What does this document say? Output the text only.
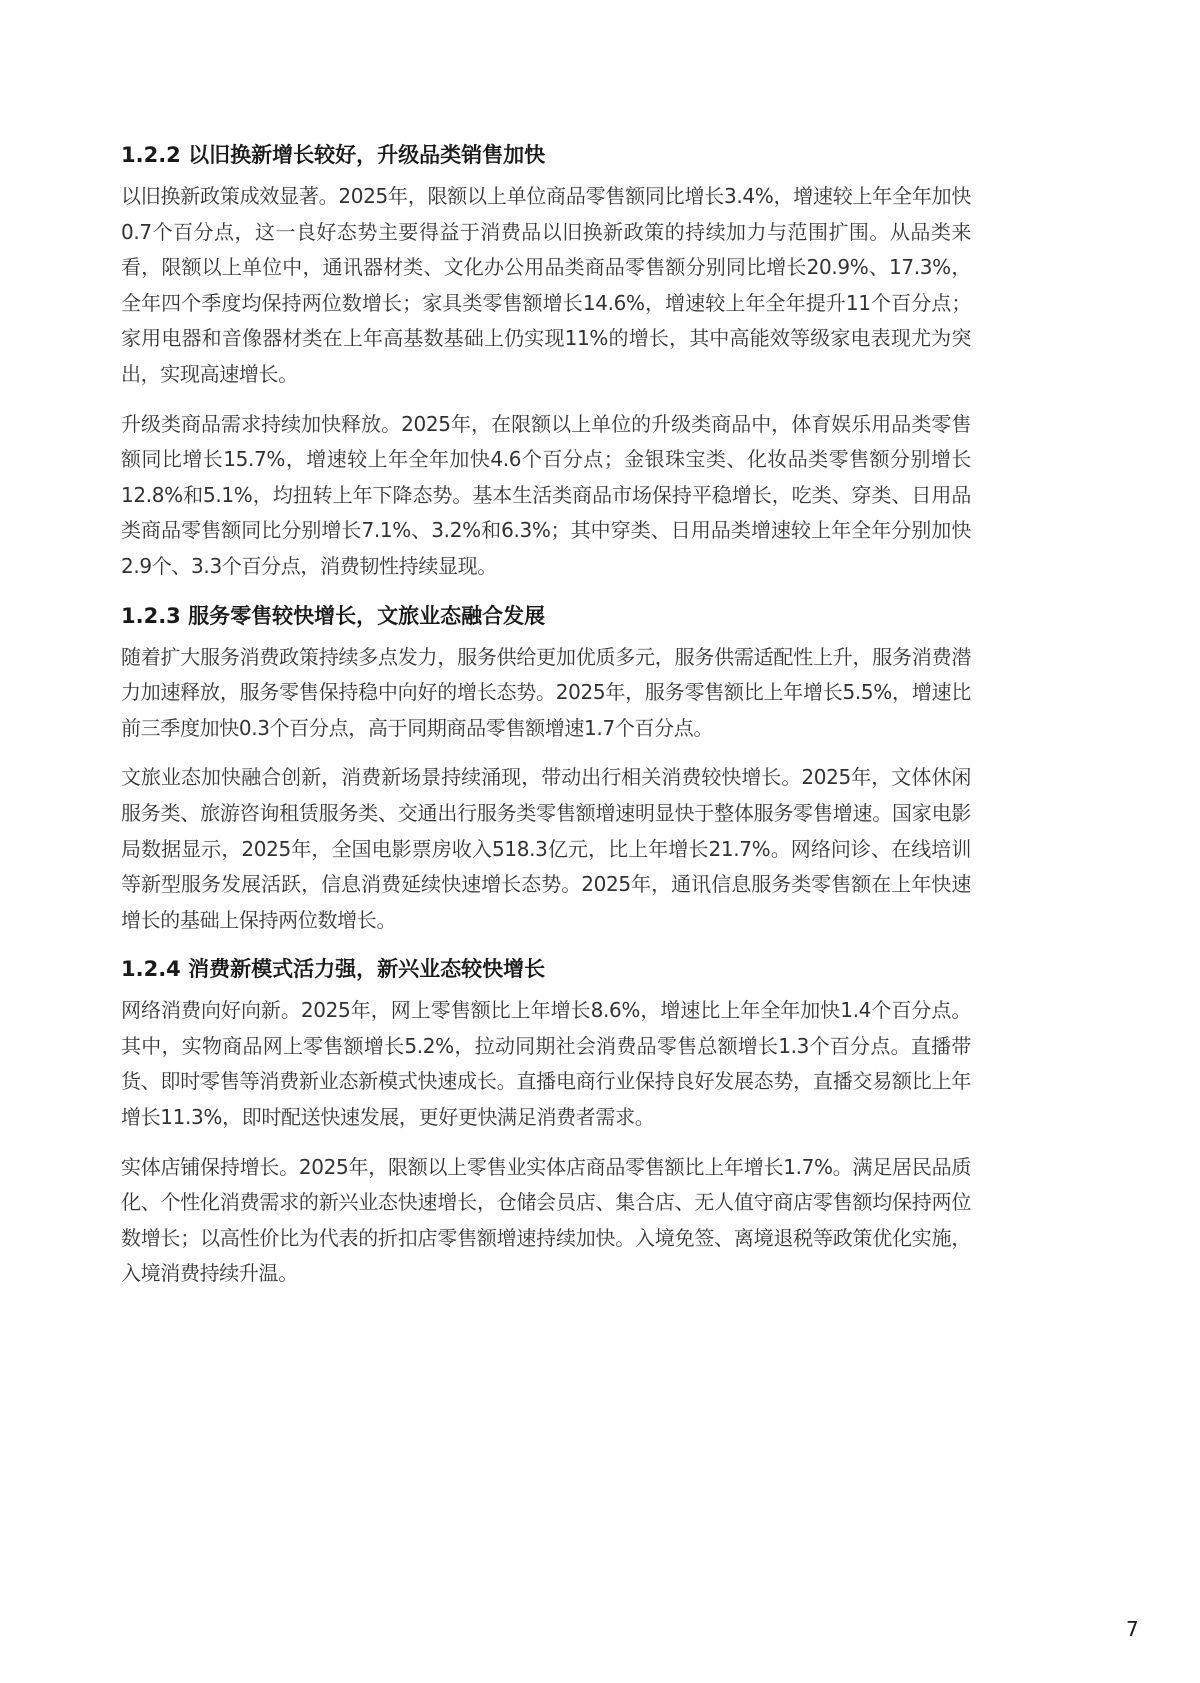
1.2.2 以旧换新增长较好，升级品类销售加快

以旧换新政策成效显著。2025年，限额以上单位商品零售额同比增长3.4%，增速较上年全年加快0.7个百分点，这一良好态势主要得益于消费品以旧换新政策的持续加力与范围扩围。从品类来看，限额以上单位中，通讯器材类、文化办公用品类商品零售额分别同比增长20.9%、17.3%，全年四个季度均保持两位数增长；家具类零售额增长14.6%，增速较上年全年提升11个百分点；家用电器和音像器材类在上年高基数基础上仍实现11%的增长，其中高能效等级家电表现尤为突出，实现高速增长。

升级类商品需求持续加快释放。2025年，在限额以上单位的升级类商品中，体育娱乐用品类零售额同比增长15.7%，增速较上年全年加快4.6个百分点；金银珠宝类、化妆品类零售额分别增长12.8%和5.1%，均扭转上年下降态势。基本生活类商品市场保持平稳增长，吃类、穿类、日用品类商品零售额同比分别增长7.1%、3.2%和6.3%；其中穿类、日用品类增速较上年全年分别加快2.9个、3.3个百分点，消费韧性持续显现。

1.2.3 服务零售较快增长，文旅业态融合发展

随着扩大服务消费政策持续多点发力，服务供给更加优质多元，服务供需适配性上升，服务消费潜力加速释放，服务零售保持稳中向好的增长态势。2025年，服务零售额比上年增长5.5%，增速比前三季度加快0.3个百分点，高于同期商品零售额增速1.7个百分点。

文旅业态加快融合创新，消费新场景持续涌现，带动出行相关消费较快增长。2025年，文体休闲服务类、旅游咨询租赁服务类、交通出行服务类零售额增速明显快于整体服务零售增速。国家电影局数据显示，2025年，全国电影票房收入518.3亿元，比上年增长21.7%。网络问诊、在线培训等新型服务发展活跃，信息消费延续快速增长态势。2025年，通讯信息服务类零售额在上年快速增长的基础上保持两位数增长。

1.2.4 消费新模式活力强，新兴业态较快增长

网络消费向好向新。2025年，网上零售额比上年增长8.6%，增速比上年全年加快1.4个百分点。其中，实物商品网上零售额增长5.2%，拉动同期社会消费品零售总额增长1.3个百分点。直播带货、即时零售等消费新业态新模式快速成长。直播电商行业保持良好发展态势，直播交易额比上年增长11.3%，即时配送快速发展，更好更快满足消费者需求。

实体店铺保持增长。2025年，限额以上零售业实体店商品零售额比上年增长1.7%。满足居民品质化、个性化消费需求的新兴业态快速增长，仓储会员店、集合店、无人值守商店零售额均保持两位数增长；以高性价比为代表的折扣店零售额增速持续加快。入境免签、离境退税等政策优化实施，入境消费持续升温。

7
